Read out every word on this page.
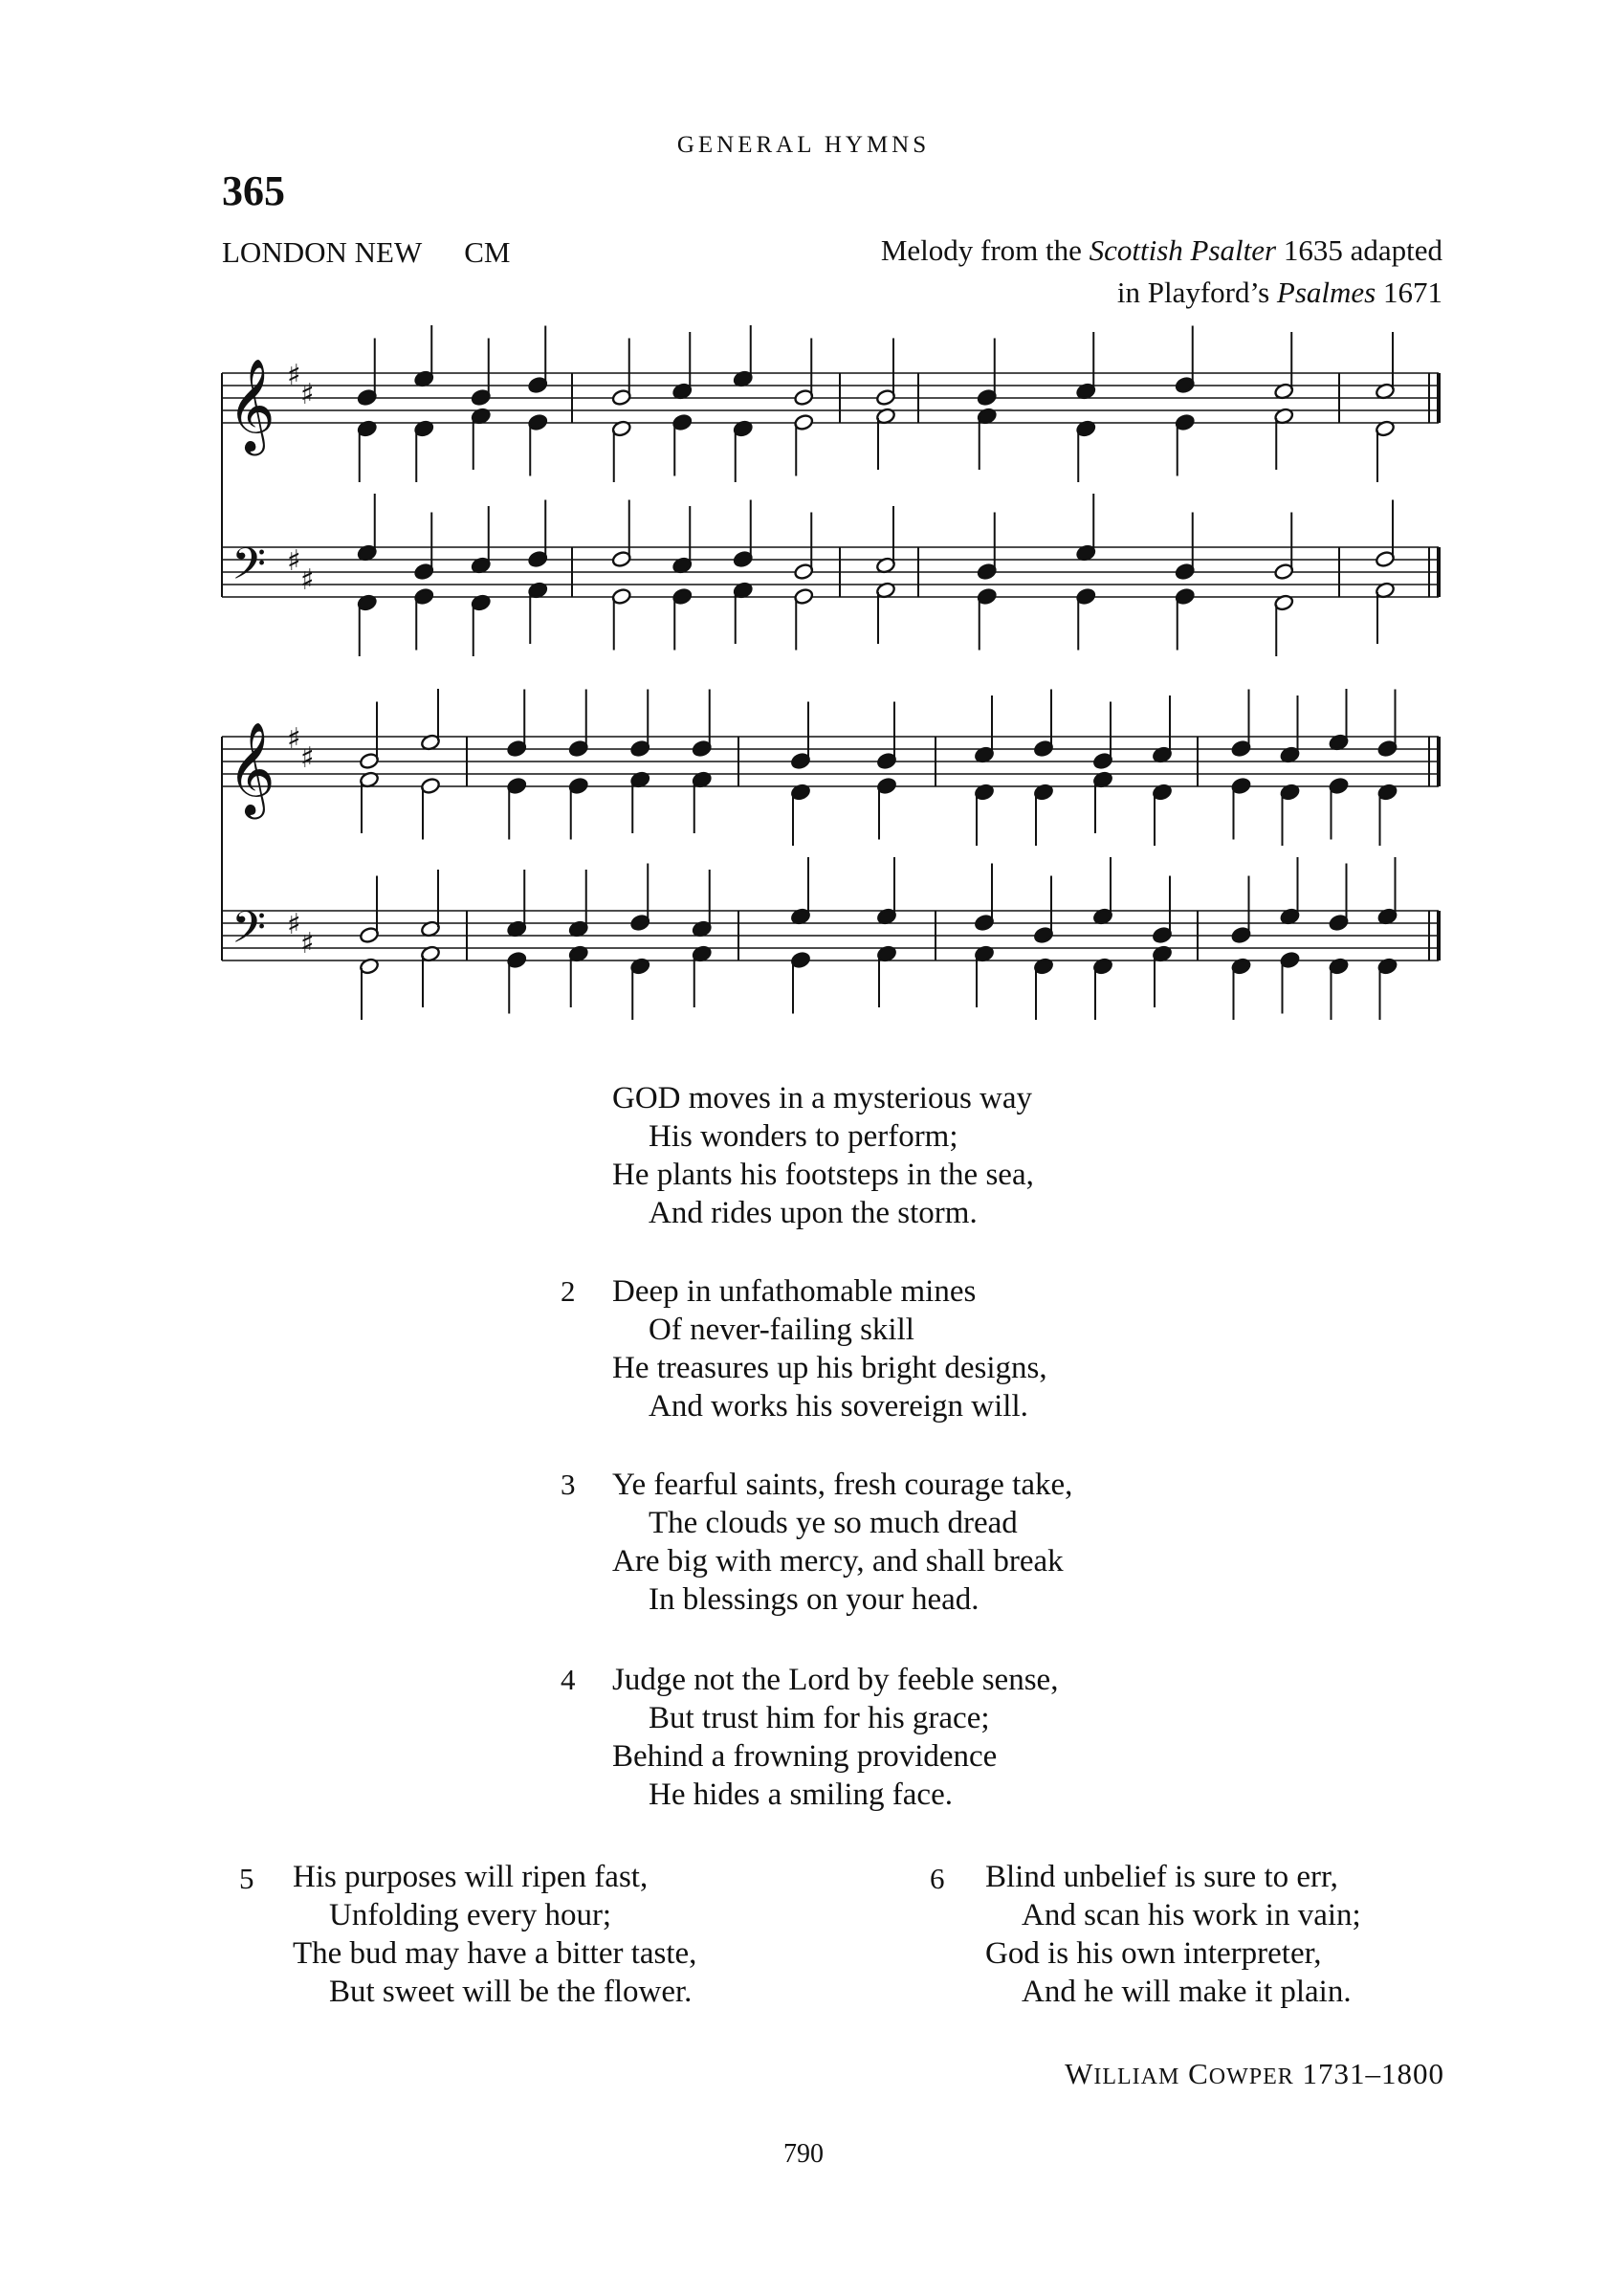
GENERAL HYMNS
365
LONDON NEW CM	Melody from the Scottish Psalter 1635 adapted
in Playford’s Psalmes 1671
𝄞
𝄢
♯
♯
♯
♯
𝄞
𝄢
♯
♯
♯
♯
GOD moves in a mysterious way
His wonders to perform;
He plants his footsteps in the sea,
And rides upon the storm.
2 Deep in unfathomable mines
Of never-failing skill
He treasures up his bright designs,
And works his sovereign will.
3 Ye fearful saints, fresh courage take,
The clouds ye so much dread
Are big with mercy, and shall break
In blessings on your head.
4 Judge not the Lord by feeble sense,
But trust him for his grace;
Behind a frowning providence
He hides a smiling face.
5 His purposes will ripen fast,
Unfolding every hour;
The bud may have a bitter taste,
But sweet will be the flower.
6 Blind unbelief is sure to err,
And scan his work in vain;
God is his own interpreter,
And he will make it plain.
WILLIAM COWPER 1731–1800
790
